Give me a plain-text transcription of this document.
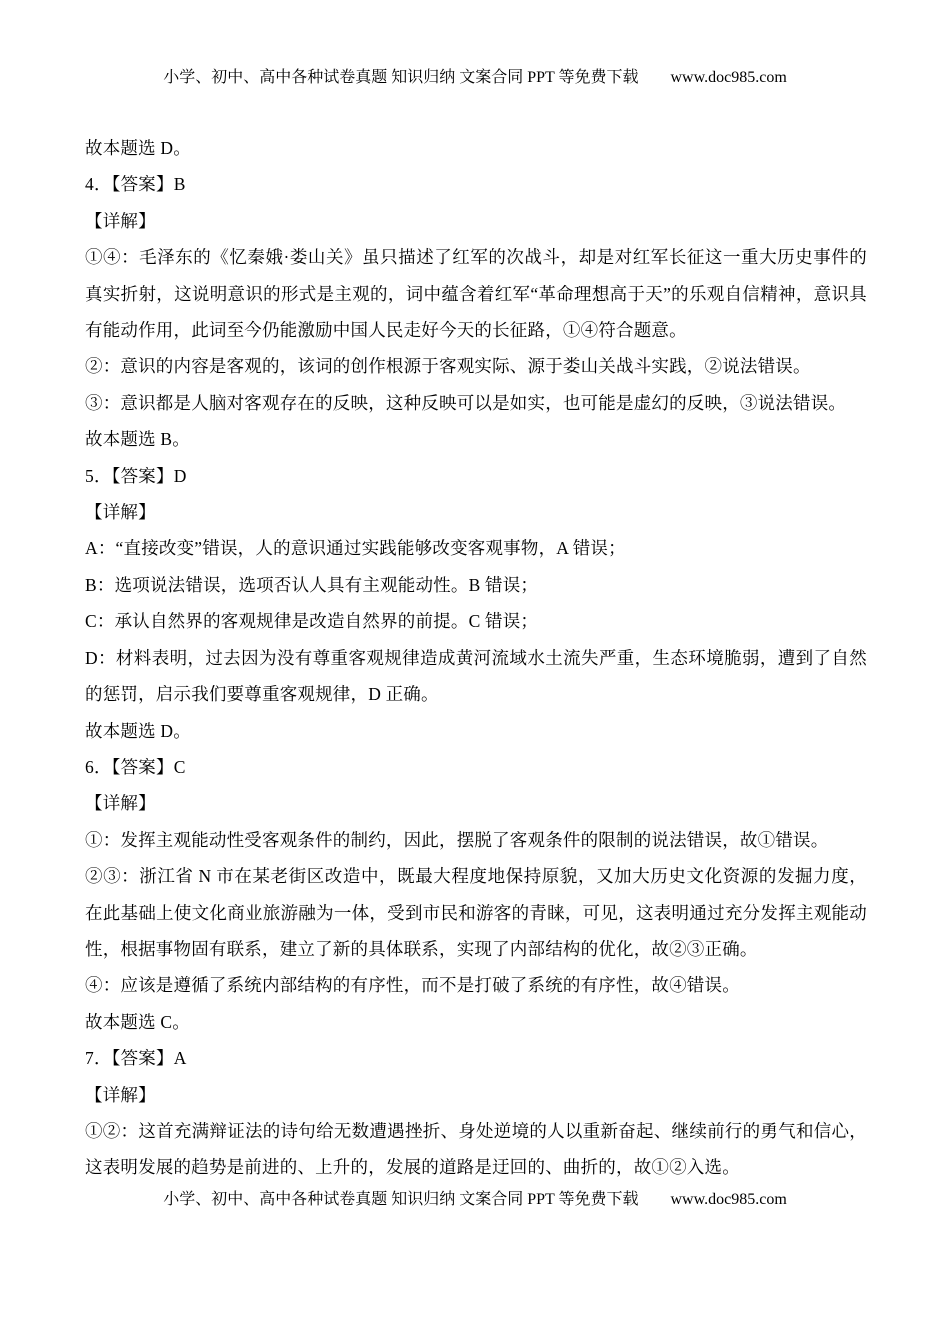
小学、初中、高中各种试卷真题 知识归纳 文案合同 PPT 等免费下载 www.doc985.com
故本题选 D。
4．【答案】B
【详解】
①④：毛泽东的《忆秦娥·娄山关》虽只描述了红军的次战斗，却是对红军长征这一重大历史事件的真实折射，这说明意识的形式是主观的，词中蕴含着红军“革命理想高于天”的乐观自信精神，意识具有能动作用，此词至今仍能激励中国人民走好今天的长征路，①④符合题意。
②：意识的内容是客观的，该词的创作根源于客观实际、源于娄山关战斗实践，②说法错误。
③：意识都是人脑对客观存在的反映，这种反映可以是如实，也可能是虚幻的反映，③说法错误。
故本题选 B。
5．【答案】D
【详解】
A：“直接改变”错误，人的意识通过实践能够改变客观事物，A 错误；
B：选项说法错误，选项否认人具有主观能动性。B 错误；
C：承认自然界的客观规律是改造自然界的前提。C 错误；
D：材料表明，过去因为没有尊重客观规律造成黄河流域水土流失严重，生态环境脆弱，遭到了自然的惩罚，启示我们要尊重客观规律，D 正确。
故本题选 D。
6．【答案】C
【详解】
①：发挥主观能动性受客观条件的制约，因此，摆脱了客观条件的限制的说法错误，故①错误。
②③：浙江省 N 市在某老街区改造中，既最大程度地保持原貌，又加大历史文化资源的发掘力度，在此基础上使文化商业旅游融为一体，受到市民和游客的青睐，可见，这表明通过充分发挥主观能动性，根据事物固有联系，建立了新的具体联系，实现了内部结构的优化，故②③正确。
④：应该是遵循了系统内部结构的有序性，而不是打破了系统的有序性，故④错误。
故本题选 C。
7．【答案】A
【详解】
①②：这首充满辩证法的诗句给无数遭遇挫折、身处逆境的人以重新奋起、继续前行的勇气和信心，这表明发展的趋势是前进的、上升的，发展的道路是迂回的、曲折的，故①②入选。
小学、初中、高中各种试卷真题 知识归纳 文案合同 PPT 等免费下载 www.doc985.com
